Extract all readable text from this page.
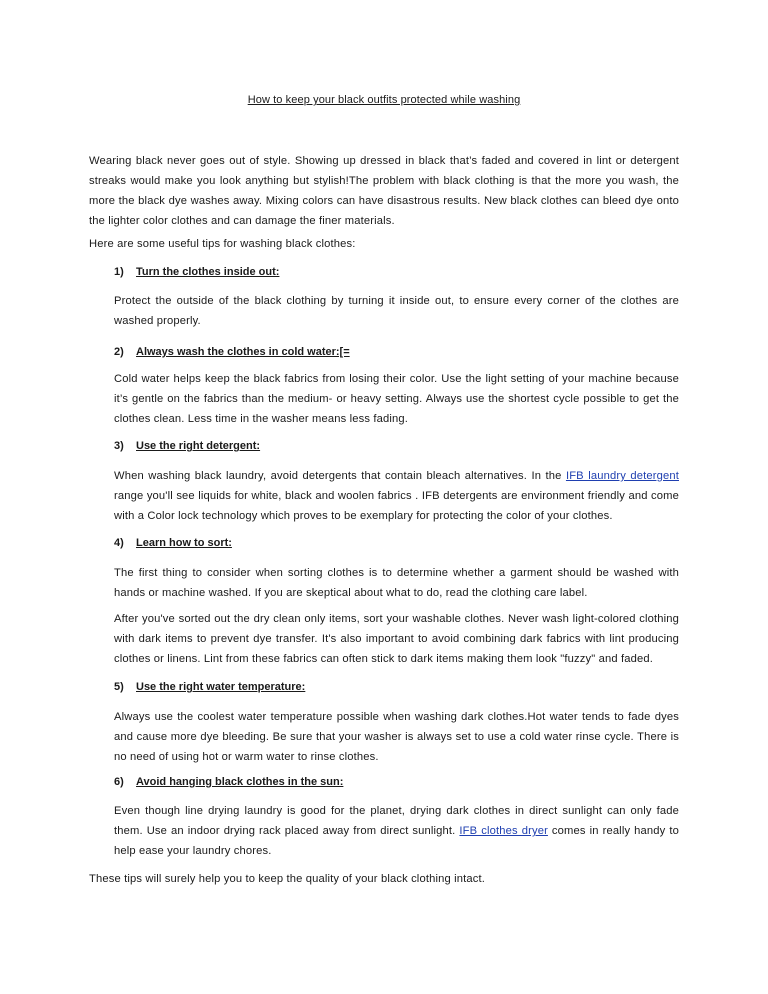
How to keep your black outfits protected while washing
Wearing black never goes out of style. Showing up dressed in black that’s faded and covered in lint or detergent streaks would make you look anything but stylish!The problem with black clothing is that the more you wash, the more the black dye washes away. Mixing colors can have disastrous results. New black clothes can bleed dye onto the lighter color clothes and can damage the finer materials.
Here are some useful tips for washing black clothes:
1) Turn the clothes inside out:
Protect the outside of the black clothing by turning it inside out, to ensure every corner of the clothes are washed properly.
2) Always wash the clothes in cold water:[=
Cold water helps keep the black fabrics from losing their color. Use the light setting of your machine because it’s gentle on the fabrics than the medium- or heavy setting. Always use the shortest cycle possible to get the clothes clean. Less time in the washer means less fading.
3) Use the right detergent:
When washing black laundry, avoid detergents that contain bleach alternatives. In the IFB laundry detergent range you'll see liquids for white, black and woolen fabrics . IFB detergents are environment friendly and come with a Color lock technology which proves to be exemplary for protecting the color of your clothes.
4) Learn how to sort:
The first thing to consider when sorting clothes is to determine whether a garment should be washed with hands or machine washed. If you are skeptical about what to do, read the clothing care label.
After you've sorted out the dry clean only items, sort your washable clothes. Never wash light-colored clothing with dark items to prevent dye transfer. It's also important to avoid combining dark fabrics with lint producing clothes or linens. Lint from these fabrics can often stick to dark items making them look "fuzzy" and faded.
5) Use the right water temperature:
Always use the coolest water temperature possible when washing dark clothes.Hot water tends to fade dyes and cause more dye bleeding. Be sure that your washer is always set to use a cold water rinse cycle. There is no need of using hot or warm water to rinse clothes.
6) Avoid hanging black clothes in the sun:
Even though line drying laundry is good for the planet, drying dark clothes in direct sunlight can only fade them. Use an indoor drying rack placed away from direct sunlight. IFB clothes dryer comes in really handy to help ease your laundry chores.
These tips will surely help you to keep the quality of your black clothing intact.
